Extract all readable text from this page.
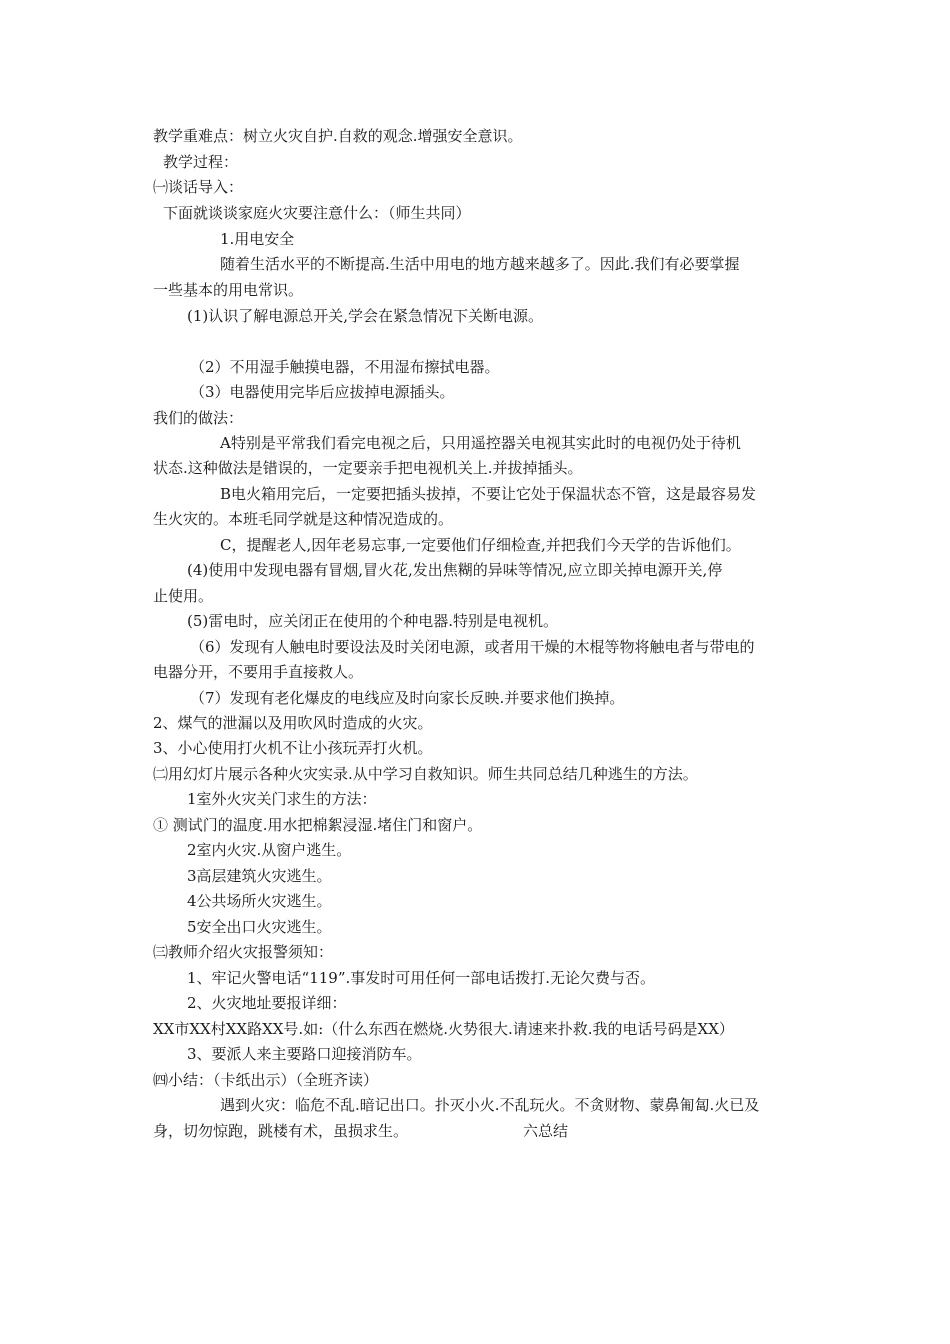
教学重难点：树立火灾自护.自救的观念.增强安全意识。
教学过程：
㈠谈话导入：
下面就谈谈家庭火灾要注意什么：（师生共同）
1.用电安全
随着生活水平的不断提高.生活中用电的地方越来越多了。因此.我们有必要掌握
一些基本的用电常识。
(1)认识了解电源总开关,学会在紧急情况下关断电源。
（2）不用湿手触摸电器，不用湿布擦拭电器。
（3）电器使用完毕后应拔掉电源插头。
我们的做法：
A特别是平常我们看完电视之后，只用遥控器关电视其实此时的电视仍处于待机
状态.这种做法是错误的，一定要亲手把电视机关上.并拔掉插头。
B电火箱用完后，一定要把插头拔掉，不要让它处于保温状态不管，这是最容易发
生火灾的。本班毛同学就是这种情况造成的。
C，提醒老人,因年老易忘事,一定要他们仔细检查,并把我们今天学的告诉他们。
(4)使用中发现电器有冒烟,冒火花,发出焦糊的异味等情况,应立即关掉电源开关,停
止使用。
(5)雷电时，应关闭正在使用的个种电器.特别是电视机。
（6）发现有人触电时要设法及时关闭电源，或者用干燥的木棍等物将触电者与带电的
电器分开，不要用手直接救人。
（7）发现有老化爆皮的电线应及时向家长反映.并要求他们换掉。
2、煤气的泄漏以及用吹风时造成的火灾。
3、小心使用打火机不让小孩玩弄打火机。
㈡用幻灯片展示各种火灾实录.从中学习自救知识。师生共同总结几种逃生的方法。
1室外火灾关门求生的方法：
① 测试门的温度.用水把棉絮浸湿.堵住门和窗户。
2室内火灾.从窗户逃生。
3高层建筑火灾逃生。
4公共场所火灾逃生。
5安全出口火灾逃生。
㈢教师介绍火灾报警须知：
1、牢记火警电话“119”.事发时可用任何一部电话拨打.无论欠费与否。
2、火灾地址要报详细：
XX市XX村XX路XX号.如:（什么东西在燃烧.火势很大.请速来扑救.我的电话号码是XX）
3、要派人来主要路口迎接消防车。
㈣小结：（卡纸出示）（全班齐读）
遇到火灾：临危不乱.暗记出口。扑灭小火.不乱玩火。不贪财物、蒙鼻匍匐.火已及
身，切勿惊跑，跳楼有术，虽损求生。	六总结
